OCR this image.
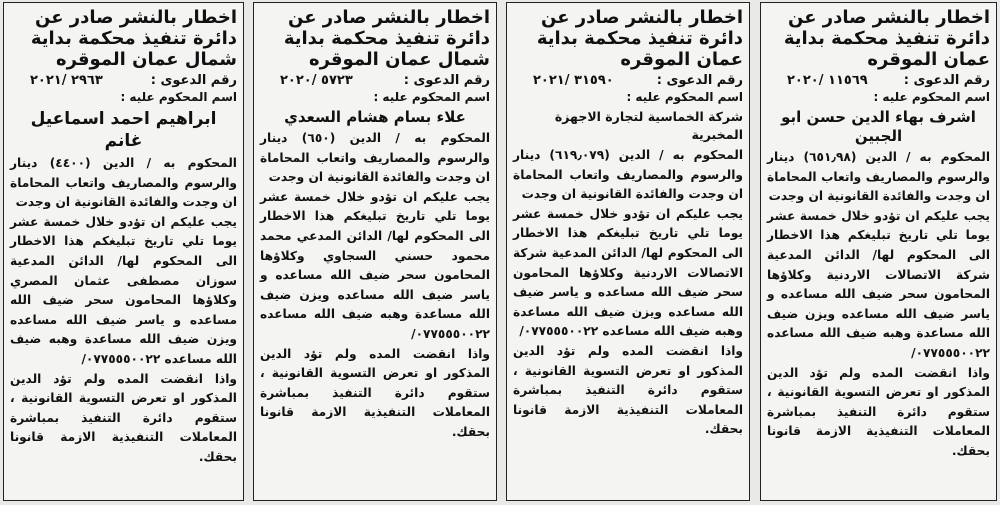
اخطار بالنشر صادر عن دائرة تنفيذ محكمة بداية عمان الموقره
رقم الدعوى :
١١٥٦٩ /٢٠٢٠
اسم المحكوم عليه :
اشرف بهاء الدين حسن ابو الجبين

المحكوم به / الدين (٦٥١٫٩٨) دينار والرسوم والمصاريف واتعاب المحاماة ان وجدت والفائدة القانونية ان وجدت

يجب عليكم ان تؤدو خلال خمسة عشر يوما تلي تاريخ تبليغكم هذا الاخطار الى المحكوم لها/ الدائن المدعية شركة الاتصالات الاردنية وكلاؤها المحامون سحر ضيف الله مساعده و ياسر ضيف الله مساعده ويزن ضيف الله مساعدة وهبه ضيف الله مساعده ٠٧٧٥٥٥٠٠٢٢/

واذا انقضت المده ولم تؤد الدين المذكور او تعرض التسوية القانونية ، ستقوم دائرة التنفيذ بمباشرة المعاملات التنفيذية الازمة قانونا بحقك.

اخطار بالنشر صادر عن دائرة تنفيذ محكمة بداية عمان الموقره
رقم الدعوى :
٣١٥٩٠ /٢٠٢١
اسم المحكوم عليه :
شركة الخماسية لتجارة الاجهزة المخبرية

المحكوم به / الدين (٦١٩٫٠٧٩) دينار والرسوم والمصاريف واتعاب المحاماة ان وجدت والفائدة القانونية ان وجدت

يجب عليكم ان تؤدو خلال خمسة عشر يوما تلي تاريخ تبليغكم هذا الاخطار الى المحكوم لها/ الدائن المدعية شركة الاتصالات الاردنية وكلاؤها المحامون سحر ضيف الله مساعده و ياسر ضيف الله مساعده ويزن ضيف الله مساعدة وهبه ضيف الله مساعده ٠٧٧٥٥٥٠٠٢٢/

واذا انقضت المده ولم تؤد الدين المذكور او تعرض التسوية القانونية ، ستقوم دائرة التنفيذ بمباشرة المعاملات التنفيذية الازمة قانونا بحقك.

اخطار بالنشر صادر عن دائرة تنفيذ محكمة بداية شمال عمان الموقره
رقم الدعوى :
٥٧٢٣ /٢٠٢٠
اسم المحكوم عليه :
علاء بسام هشام السعدي

المحكوم به / الدين (٦٥٠) دينار والرسوم والمصاريف واتعاب المحاماة ان وجدت والفائدة القانونية ان وجدت

يجب عليكم ان تؤدو خلال خمسة عشر يوما تلي تاريخ تبليغكم هذا الاخطار الى المحكوم لها/ الدائن المدعي محمد محمود حسني السجاوي وكلاؤها المحامون سحر ضيف الله مساعده و ياسر ضيف الله مساعده ويزن ضيف الله مساعدة وهبه ضيف الله مساعده ٠٧٧٥٥٥٠٠٢٢/

واذا انقضت المده ولم تؤد الدين المذكور او تعرض التسوية القانونية ، ستقوم دائرة التنفيذ بمباشرة المعاملات التنفيذية الازمة قانونا بحقك.

اخطار بالنشر صادر عن دائرة تنفيذ محكمة بداية شمال عمان الموقره
رقم الدعوى :
٢٩٦٣ /٢٠٢١
اسم المحكوم عليه :
ابراهيم احمد اسماعيل غانم

المحكوم به / الدين (٤٤٠٠) دينار والرسوم والمصاريف واتعاب المحاماة ان وجدت والفائدة القانونية ان وجدت

يجب عليكم ان تؤدو خلال خمسة عشر يوما تلي تاريخ تبليغكم هذا الاخطار الى المحكوم لها/ الدائن المدعية سوزان مصطفى عثمان المصري وكلاؤها المحامون سحر ضيف الله مساعده و ياسر ضيف الله مساعده ويزن ضيف الله مساعدة وهبه ضيف الله مساعده ٠٧٧٥٥٥٠٠٢٢/

واذا انقضت المده ولم تؤد الدين المذكور او تعرض التسوية القانونية ، ستقوم دائرة التنفيذ بمباشرة المعاملات التنفيذية الازمة قانونا بحقك.
